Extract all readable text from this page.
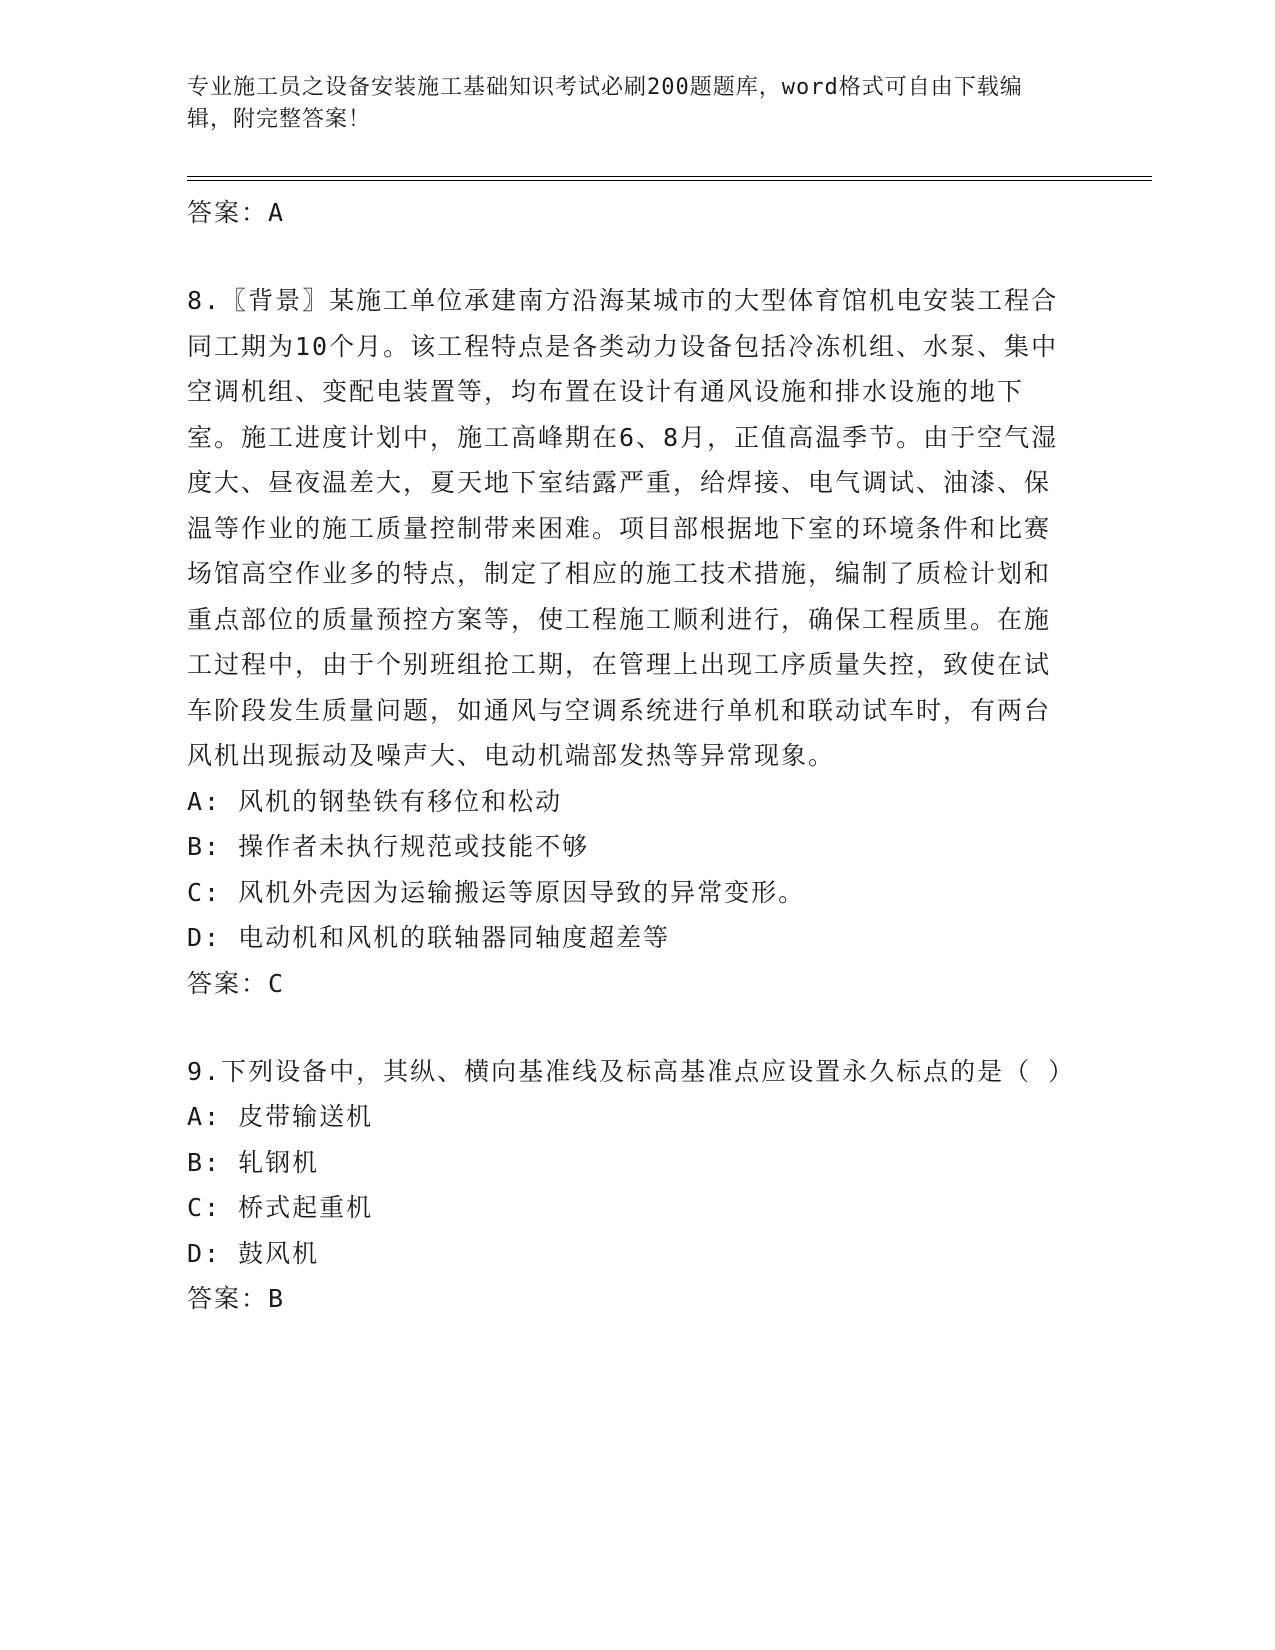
专业施工员之设备安装施工基础知识考试必刷200题题库，word格式可自由下载编辑，附完整答案！
答案：A
8.〖背景〗某施工单位承建南方沿海某城市的大型体育馆机电安装工程合同工期为10个月。该工程特点是各类动力设备包括冷冻机组、水泵、集中空调机组、变配电装置等，均布置在设计有通风设施和排水设施的地下室。施工进度计划中，施工高峰期在6、8月，正值高温季节。由于空气湿度大、昼夜温差大，夏天地下室结露严重，给焊接、电气调试、油漆、保温等作业的施工质量控制带来困难。项目部根据地下室的环境条件和比赛场馆高空作业多的特点，制定了相应的施工技术措施，编制了质检计划和重点部位的质量预控方案等，使工程施工顺利进行，确保工程质里。在施工过程中，由于个别班组抢工期，在管理上出现工序质量失控，致使在试车阶段发生质量问题，如通风与空调系统进行单机和联动试车时，有两台风机出现振动及噪声大、电动机端部发热等异常现象。
A: 风机的钢垫铁有移位和松动
B: 操作者未执行规范或技能不够
C: 风机外壳因为运输搬运等原因导致的异常变形。
D: 电动机和风机的联轴器同轴度超差等
答案：C
9.下列设备中，其纵、横向基准线及标高基准点应设置永久标点的是（ ）
A: 皮带输送机
B: 轧钢机
C: 桥式起重机
D: 鼓风机
答案：B
